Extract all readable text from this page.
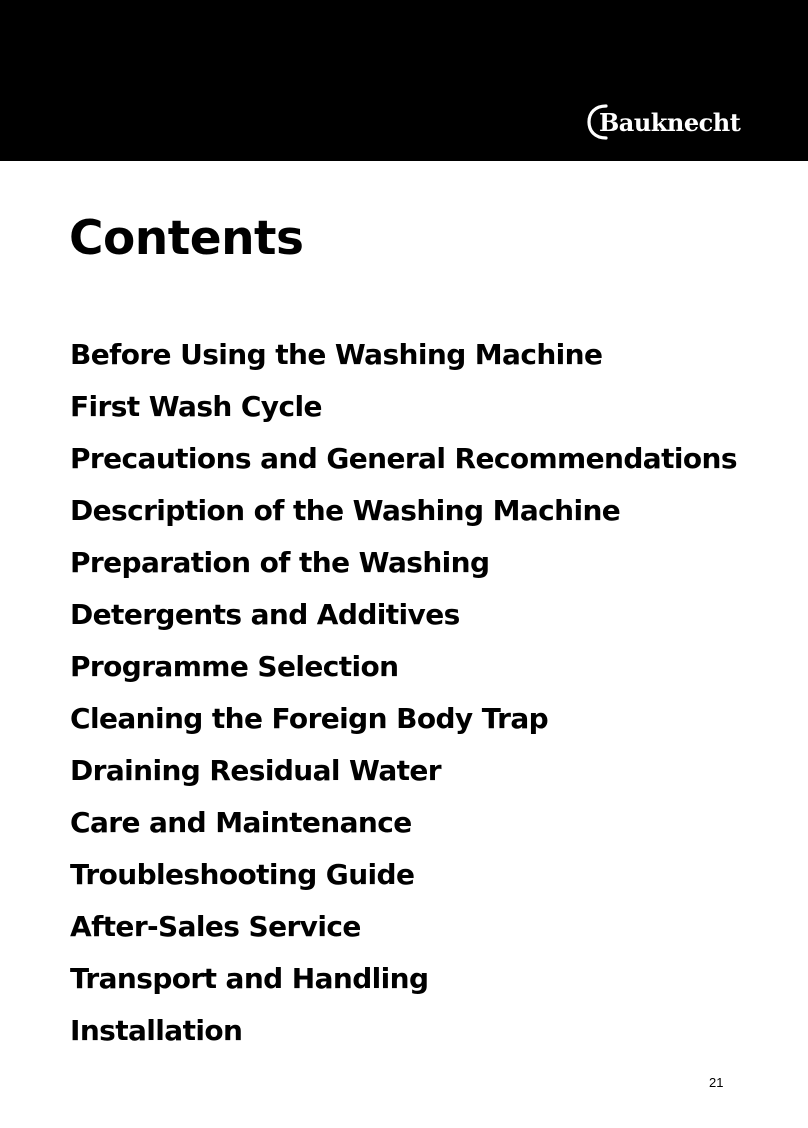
Bauknecht
Contents
Before Using the Washing Machine
First Wash Cycle
Precautions and General Recommendations
Description of the Washing Machine
Preparation of the Washing
Detergents and Additives
Programme Selection
Cleaning the Foreign Body Trap
Draining Residual Water
Care and Maintenance
Troubleshooting Guide
After-Sales Service
Transport and Handling
Installation
21
